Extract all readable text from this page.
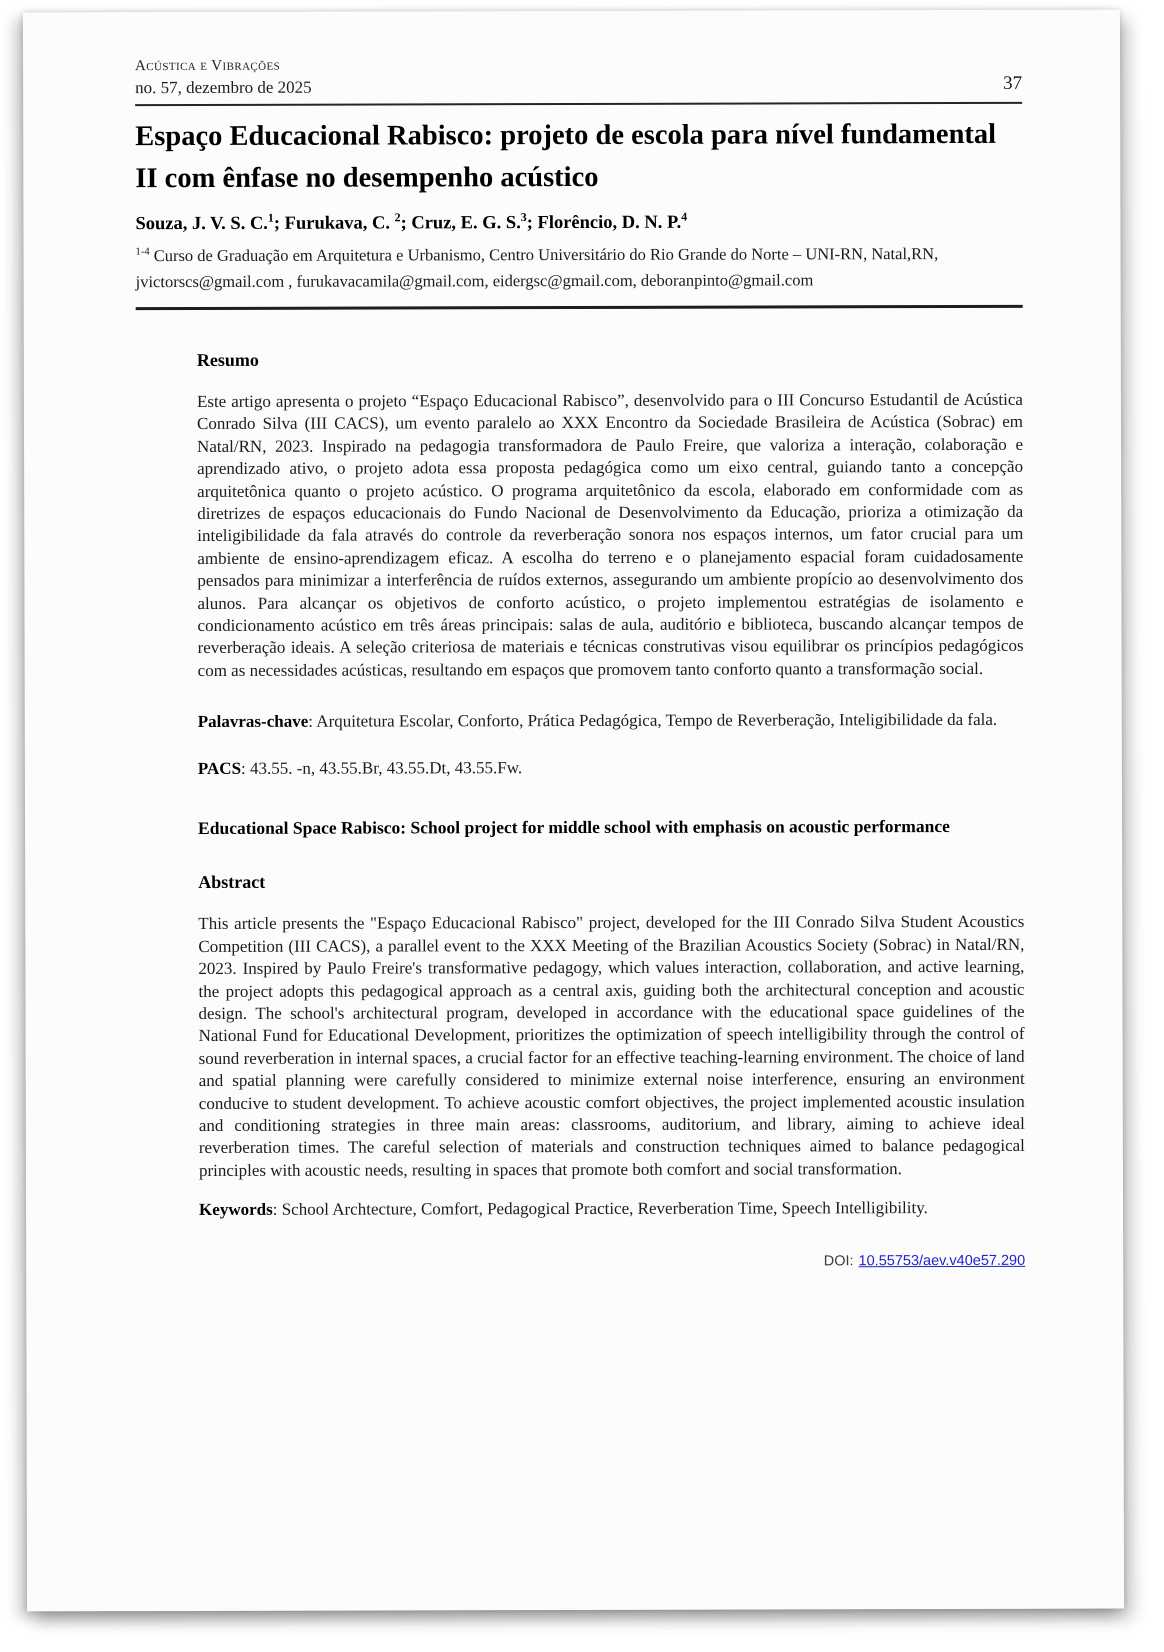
Acústica e Vibrações
no. 57, dezembro de 2025	37
Espaço Educacional Rabisco: projeto de escola para nível fundamental II com ênfase no desempenho acústico
Souza, J. V. S. C.$^1$; Furukava, C. $^2$; Cruz, E. G. S.$^3$; Florêncio, D. N. P.$^4$

$^{1-4}$ Curso de Graduação em Arquitetura e Urbanismo, Centro Universitário do Rio Grande do Norte – UNI-RN, Natal,RN, jvictorscs@gmail.com , furukavacamila@gmail.com, eidergsc@gmail.com, deboranpinto@gmail.com

Resumo

Este artigo apresenta o projeto “Espaço Educacional Rabisco”, desenvolvido para o III Concurso Estudantil de Acústica Conrado Silva (III CACS), um evento paralelo ao XXX Encontro da Sociedade Brasileira de Acústica (Sobrac) em Natal/RN, 2023. Inspirado na pedagogia transformadora de Paulo Freire, que valoriza a interação, colaboração e aprendizado ativo, o projeto adota essa proposta pedagógica como um eixo central, guiando tanto a concepção arquitetônica quanto o projeto acústico. O programa arquitetônico da escola, elaborado em conformidade com as diretrizes de espaços educacionais do Fundo Nacional de Desenvolvimento da Educação, prioriza a otimização da inteligibilidade da fala através do controle da reverberação sonora nos espaços internos, um fator crucial para um ambiente de ensino-aprendizagem eficaz. A escolha do terreno e o planejamento espacial foram cuidadosamente pensados para minimizar a interferência de ruídos externos, assegurando um ambiente propício ao desenvolvimento dos alunos. Para alcançar os objetivos de conforto acústico, o projeto implementou estratégias de isolamento e condicionamento acústico em três áreas principais: salas de aula, auditório e biblioteca, buscando alcançar tempos de reverberação ideais. A seleção criteriosa de materiais e técnicas construtivas visou equilibrar os princípios pedagógicos com as necessidades acústicas, resultando em espaços que promovem tanto conforto quanto a transformação social.

Palavras-chave: Arquitetura Escolar, Conforto, Prática Pedagógica, Tempo de Reverberação, Inteligibilidade da fala.

PACS: 43.55. -n, 43.55.Br, 43.55.Dt, 43.55.Fw.

Educational Space Rabisco: School project for middle school with emphasis on acoustic performance
Abstract

This article presents the "Espaço Educacional Rabisco" project, developed for the III Conrado Silva Student Acoustics Competition (III CACS), a parallel event to the XXX Meeting of the Brazilian Acoustics Society (Sobrac) in Natal/RN, 2023. Inspired by Paulo Freire's transformative pedagogy, which values interaction, collaboration, and active learning, the project adopts this pedagogical approach as a central axis, guiding both the architectural conception and acoustic design. The school's architectural program, developed in accordance with the educational space guidelines of the National Fund for Educational Development, prioritizes the optimization of speech intelligibility through the control of sound reverberation in internal spaces, a crucial factor for an effective teaching-learning environment. The choice of land and spatial planning were carefully considered to minimize external noise interference, ensuring an environment conducive to student development. To achieve acoustic comfort objectives, the project implemented acoustic insulation and conditioning strategies in three main areas: classrooms, auditorium, and library, aiming to achieve ideal reverberation times. The careful selection of materials and construction techniques aimed to balance pedagogical principles with acoustic needs, resulting in spaces that promote both comfort and social transformation.

Keywords: School Archtecture, Comfort, Pedagogical Practice, Reverberation Time, Speech Intelligibility.

DOI: 10.55753/aev.v40e57.290
